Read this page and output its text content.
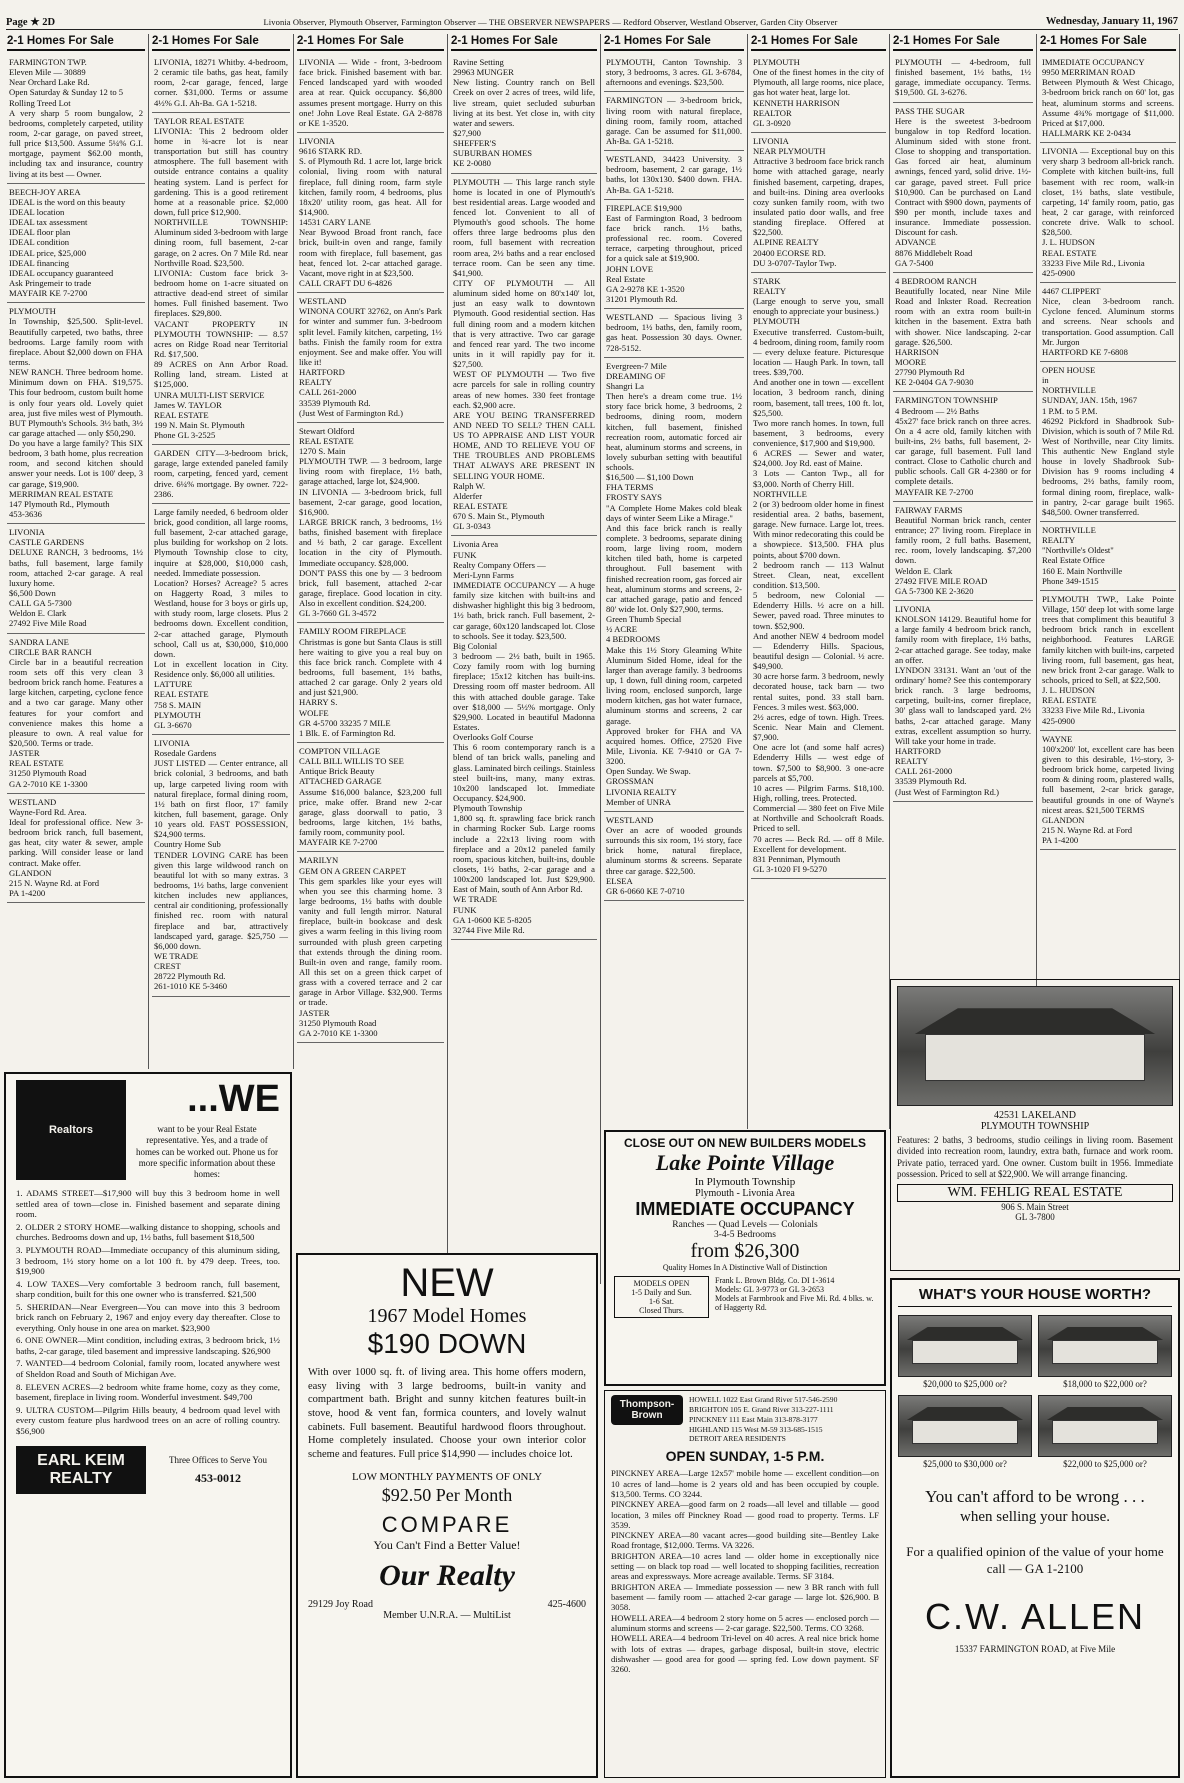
Page ★ 2D	Livonia Observer, Plymouth Observer, Farmington Observer — THE OBSERVER NEWSPAPERS — Redford Observer, Westland Observer, Garden City Observer	Wednesday, January 11, 1967
2-1 Homes For Sale
FARMINGTON TWP.
Eleven Mile — 30889
Near Orchard Lake Rd.
Open Saturday & Sunday 12 to 5
Rolling Treed Lot
A very sharp 5 room bungalow, 2 bedrooms, completely carpeted, utility room, 2-car garage, on paved street, full price $13,500. Assume 5¼% G.I. mortgage, payment $62.00 month, including tax and insurance, country living at its best — Owner.
BEECH-JOY AREA
IDEAL is the word on this beauty
IDEAL location
IDEAL tax assessment
IDEAL floor plan
IDEAL condition
IDEAL price, $25,000
IDEAL financing
IDEAL occupancy guaranteed
Ask Pringemeir to trade
MAYFAIR KE 7-2700
PLYMOUTH
In Township, $25,500. Split-level. Beautifully carpeted, two baths, three bedrooms. Large family room with fireplace. About $2,000 down on FHA terms.
NEW RANCH. Three bedroom home. Minimum down on FHA. $19,575. This four bedroom, custom built home is only four years old. Lovely quiet area, just five miles west of Plymouth. BUT Plymouth's Schools. 3½ bath, 3½ car garage attached — only $50,290.
Do you have a large family? This SIX bedroom, 3 bath home, plus recreation room, and second kitchen should answer your needs. Lot is 100' deep, 3 car garage, $19,900.
MERRIMAN REAL ESTATE
147 Plymouth Rd., Plymouth
453-3636
LIVONIA
CASTLE GARDENS
DELUXE RANCH, 3 bedrooms, 1½ baths, full basement, large family room, attached 2-car garage. A real luxury home.
$6,500 Down
CALL GA 5-7300
Weldon E. Clark
27492 Five Mile Road
SANDRA LANE
CIRCLE BAR RANCH
Circle bar in a beautiful recreation room sets off this very clean 3 bedroom brick ranch home. Features a large kitchen, carpeting, cyclone fence and a two car garage. Many other features for your comfort and convenience makes this home a pleasure to own. A real value for $20,500. Terms or trade.
JASTER
REAL ESTATE
31250 Plymouth Road
GA 2-7010 KE 1-3300
WESTLAND
Wayne-Ford Rd. Area.
Ideal for professional office. New 3-bedroom brick ranch, full basement, gas heat, city water & sewer, ample parking. Will consider lease or land contract. Make offer.
GLANDON
215 N. Wayne Rd. at Ford
PA 1-4200
2-1 Homes For Sale
LIVONIA, 18271 Whitby. 4-bedroom, 2 ceramic tile baths, gas heat, family room, 2-car garage, fenced, large corner. $31,000. Terms or assume 4½% G.I. Ah-Ba. GA 1-5218.
TAYLOR REAL ESTATE
LIVONIA: This 2 bedroom older home in ¾-acre lot is near transportation but still has country atmosphere. The full basement with outside entrance contains a quality heating system. Land is perfect for gardening. This is a good retirement home at a reasonable price. $2,000 down, full price $12,900.
NORTHVILLE TOWNSHIP: Aluminum sided 3-bedroom with large dining room, full basement, 2-car garage, on 2 acres. On 7 Mile Rd. near Northville Road. $23,500.
LIVONIA: Custom face brick 3-bedroom home on 1-acre situated on attractive dead-end street of similar homes. Full finished basement. Two fireplaces. $29,800.
VACANT PROPERTY IN PLYMOUTH TOWNSHIP: — 8.57 acres on Ridge Road near Territorial Rd. $17,500.
89 ACRES on Ann Arbor Road. Rolling land, stream. Listed at $125,000.
UNRA MULTI-LIST SERVICE
James W. TAYLOR
REAL ESTATE
199 N. Main St. Plymouth
Phone GL 3-2525
GARDEN CITY—3-bedroom brick, garage, large extended paneled family room, carpeting, fenced yard, cement drive. 6¼% mortgage. By owner. 722-2386.
Large family needed, 6 bedroom older brick, good condition, all large rooms, full basement, 2-car attached garage, plus building for workshop on 2 lots. Plymouth Township close to city, inquire at $28,000, $10,000 cash, needed. Immediate possession.
Location? Horses? Acreage? 5 acres on Haggerty Road, 3 miles to Westland, house for 3 boys or girls up, with study room, large closets. Plus 2 bedrooms down. Excellent condition, 2-car attached garage, Plymouth school, Call us at, $30,000, $10,000 down.
Lot in excellent location in City. Residence only. $6,000 all utilities.
LATTURE
REAL ESTATE
758 S. MAIN
PLYMOUTH
GL 3-6670
LIVONIA
Rosedale Gardens
JUST LISTED — Center entrance, all brick colonial, 3 bedrooms, and bath up, large carpeted living room with natural fireplace, formal dining room, 1½ bath on first floor, 17' family kitchen, full basement, garage. Only 10 years old. FAST POSSESSION, $24,900 terms.
Country Home Sub
TENDER LOVING CARE has been given this large wildwood ranch on beautiful lot with so many extras. 3 bedrooms, 1½ baths, large convenient kitchen includes new appliances, central air conditioning, professionally finished rec. room with natural fireplace and bar, attractively landscaped yard, garage. $25,750 — $6,000 down.
WE TRADE
CREST
28722 Plymouth Rd.
261-1010 KE 5-3460
2-1 Homes For Sale
LIVONIA — Wide - front, 3-bedroom face brick. Finished basement with bar. Fenced landscaped yard with wooded area at rear. Quick occupancy. $6,800 assumes present mortgage. Hurry on this one! John Love Real Estate. GA 2-8878 or KE 1-3520.
LIVONIA
9616 STARK RD.
S. of Plymouth Rd. 1 acre lot, large brick colonial, living room with natural fireplace, full dining room, farm style kitchen, family room, 4 bedrooms, plus 18x20' utility room, gas heat. All for $14,900.
14531 CARY LANE
Near Bywood Broad front ranch, face brick, built-in oven and range, family room with fireplace, full basement, gas heat, fenced lot. 2-car attached garage. Vacant, move right in at $23,500.
CALL CRAFT DU 6-4826
WESTLAND
WINONA COURT 32762, on Ann's Park for winter and summer fun. 3-bedroom split level. Family kitchen, carpeting, 1½ baths. Finish the family room for extra enjoyment. See and make offer. You will like it!
HARTFORD
REALTY
CALL 261-2000
33539 Plymouth Rd.
(Just West of Farmington Rd.)
Stewart Oldford
REAL ESTATE
1270 S. Main
PLYMOUTH TWP. — 3 bedroom, large living room with fireplace, 1½ bath, garage attached, large lot, $24,900.
IN LIVONIA — 3-bedroom brick, full basement, 2-car garage, good location, $16,900.
LARGE BRICK ranch, 3 bedrooms, 1½ baths, finished basement with fireplace and ½ bath, 2 car garage. Excellent location in the city of Plymouth. Immediate occupancy. $28,000.
DON'T PASS this one by — 3 bedroom brick, full basement, attached 2-car garage, fireplace. Good location in city. Also in excellent condition. $24,200.
GL 3-7660 GL 3-4572
FAMILY ROOM FIREPLACE
Christmas is gone but Santa Claus is still here waiting to give you a real buy on this face brick ranch. Complete with 4 bedrooms, full basement, 1½ baths, attached 2 car garage. Only 2 years old and just $21,900.
HARRY S.
WOLFE
GR 4-5700 33235 7 MILE
1 Blk. E. of Farmington Rd.
COMPTON VILLAGE
CALL BILL WILLIS TO SEE
Antique Brick Beauty
ATTACHED GARAGE
Assume $16,000 balance, $23,200 full price, make offer. Brand new 2-car garage, glass doorwall to patio, 3 bedrooms, large kitchen, 1½ baths, family room, community pool.
MAYFAIR KE 7-2700
MARILYN
GEM ON A GREEN CARPET
This gem sparkles like your eyes will when you see this charming home. 3 large bedrooms, 1½ baths with double vanity and full length mirror. Natural fireplace, built-in bookcase and desk gives a warm feeling in this living room surrounded with plush green carpeting that extends through the dining room. Built-in oven and range, family room. All this set on a green thick carpet of grass with a covered terrace and 2 car garage in Arbor Village. $32,900. Terms or trade.
JASTER
31250 Plymouth Road
GA 2-7010 KE 1-3300
2-1 Homes For Sale
Ravine Setting
29963 MUNGER
New listing. Country ranch on Bell Creek on over 2 acres of trees, wild life, live stream, quiet secluded suburban living at its best. Yet close in, with city water and sewers.
$27,900
SHEFFER'S
SUBURBAN HOMES
KE 2-0080
PLYMOUTH — This large ranch style home is located in one of Plymouth's best residential areas. Large wooded and fenced lot. Convenient to all of Plymouth's good schools. The home offers three large bedrooms plus den room, full basement with recreation room area, 2½ baths and a rear enclosed terrace room. Can be seen any time. $41,900.
CITY OF PLYMOUTH — All aluminum sided home on 80'x140' lot, just an easy walk to downtown Plymouth. Good residential section. Has full dining room and a modern kitchen that is very attractive. Two car garage and fenced rear yard. The two income units in it will rapidly pay for it. $27,500.
WEST OF PLYMOUTH — Two five acre parcels for sale in rolling country areas of new homes. 330 feet frontage each. $2,900 acre.
ARE YOU BEING TRANSFERRED AND NEED TO SELL? THEN CALL US TO APPRAISE AND LIST YOUR HOME, AND TO RELIEVE YOU OF THE TROUBLES AND PROBLEMS THAT ALWAYS ARE PRESENT IN SELLING YOUR HOME.
Ralph W.
Alderfer
REAL ESTATE
670 S. Main St., Plymouth
GL 3-0343
Livonia Area
FUNK
Realty Company Offers —
Meri-Lynn Farms
IMMEDIATE OCCUPANCY — A huge family size kitchen with built-ins and dishwasher highlight this big 3 bedroom, 1½ bath, brick ranch. Full basement, 2-car garage, 60x120 landscaped lot. Close to schools. See it today. $23,500.
Big Colonial
3 bedroom — 2½ bath, built in 1965. Cozy family room with log burning fireplace; 15x12 kitchen has built-ins. Dressing room off master bedroom. All this with attached double garage. Take over $18,000 — 5½% mortgage. Only $29,900. Located in beautiful Madonna Estates.
Overlooks Golf Course
This 6 room contemporary ranch is a blend of tan brick walls, paneling and glass. Laminated birch ceilings. Stainless steel built-ins, many, many extras. 10x200 landscaped lot. Immediate Occupancy. $24,900.
Plymouth Township
1,800 sq. ft. sprawling face brick ranch in charming Rocker Sub. Large rooms include a 22x13 living room with fireplace and a 20x12 paneled family room, spacious kitchen, built-ins, double closets, 1½ baths, 2-car garage and a 100x200 landscaped lot. Just $29,900. East of Main, south of Ann Arbor Rd.
WE TRADE
FUNK
GA 1-0600 KE 5-8205
32744 Five Mile Rd.
2-1 Homes For Sale
PLYMOUTH, Canton Township. 3 story, 3 bedrooms, 3 acres. GL 3-6784, afternoons and evenings. $23,500.
FARMINGTON — 3-bedroom brick, living room with natural fireplace, dining room, family room, attached garage. Can be assumed for $11,000. Ah-Ba. GA 1-5218.
WESTLAND, 34423 University. 3 bedroom, basement, 2 car garage, 1½ baths, lot 130x130. $400 down. FHA. Ah-Ba. GA 1-5218.
FIREPLACE $19,900
East of Farmington Road, 3 bedroom face brick ranch. 1½ baths, professional rec. room. Covered terrace, carpeting throughout, priced for a quick sale at $19,900.
JOHN LOVE
Real Estate
GA 2-9278 KE 1-3520
31201 Plymouth Rd.
WESTLAND — Spacious living 3 bedroom, 1½ baths, den, family room, gas heat. Possession 30 days. Owner. 728-5152.
Evergreen-7 Mile
DREAMING OF
Shangri La
Then here's a dream come true. 1½ story face brick home, 3 bedrooms, 2 bedrooms, dining room, modern kitchen, full basement, finished recreation room, automatic forced air heat, aluminum storms and screens, in lovely suburban setting with beautiful schools.
$16,500 — $1,100 Down
FHA TERMS
FROSTY SAYS
"A Complete Home Makes cold bleak days of winter Seem Like a Mirage."
And this face brick ranch is really complete. 3 bedrooms, separate dining room, large living room, modern kitchen tiled bath, home is carpeted throughout. Full basement with finished recreation room, gas forced air heat, aluminum storms and screens, 2-car attached garage, patio and fenced 80' wide lot. Only $27,900, terms.
Green Thumb Special
½ ACRE
4 BEDROOMS
Make this 1½ Story Gleaming White Aluminum Sided Home, ideal for the larger than average family. 3 bedrooms up, 1 down, full dining room, carpeted living room, enclosed sunporch, large modern kitchen, gas hot water furnace, aluminum storms and screens, 2 car garage.
Approved broker for FHA and VA acquired homes. Office, 27520 Five Mile, Livonia. KE 7-9410 or GA 7-3200.
Open Sunday. We Swap.
GROSSMAN
LIVONIA REALTY
Member of UNRA
WESTLAND
Over an acre of wooded grounds surrounds this six room, 1½ story, face brick home, natural fireplace, aluminum storms & screens. Separate three car garage. $22,500.
ELSEA
GR 6-0660 KE 7-0710
2-1 Homes For Sale
PLYMOUTH
One of the finest homes in the city of Plymouth, all large rooms, nice place, gas hot water heat, large lot.
KENNETH HARRISON
REALTOR
GL 3-0920
LIVONIA
NEAR PLYMOUTH
Attractive 3 bedroom face brick ranch home with attached garage, nearly finished basement, carpeting, drapes, and built-ins. Dining area overlooks cozy sunken family room, with two insulated patio door walls, and free standing fireplace. Offered at $22,500.
ALPINE REALTY
20400 ECORSE RD.
DU 3-0707-Taylor Twp.
STARK
REALTY
(Large enough to serve you, small enough to appreciate your business.)
PLYMOUTH
Executive transferred. Custom-built, 4 bedroom, dining room, family room — every deluxe feature. Picturesque location — Haugh Park. In town, tall trees. $39,700.
And another one in town — excellent location, 3 bedroom ranch, dining room, basement, tall trees, 100 ft. lot, $25,500.
Two more ranch homes. In town, full basement, 3 bedrooms, every convenience, $17,900 and $19,900.
6 ACRES — Sewer and water, $24,000. Joy Rd. east of Maine.
3 Lots — Canton Twp., all for $3,000. North of Cherry Hill.
NORTHVILLE
2 (or 3) bedroom older home in finest residential area. 2 baths, basement, garage. New furnace. Large lot, trees. With minor redecorating this could be a showpiece. $13,500. FHA plus points, about $700 down.
2 bedroom ranch — 113 Walnut Street. Clean, neat, excellent condition. $13,500.
5 bedroom, new Colonial — Edenderry Hills. ½ acre on a hill. Sewer, paved road. Three minutes to town. $52,900.
And another NEW 4 bedroom model — Edenderry Hills. Spacious, beautiful design — Colonial. ½ acre. $49,900.
30 acre horse farm. 3 bedroom, newly decorated house, tack barn — two rental suites, pond. 33 stall barn. Fences. 3 miles west. $63,000.
2½ acres, edge of town. High. Trees. Scenic. Near Main and Clement. $7,900.
One acre lot (and some half acres) Edenderry Hills — west edge of town. $7,500 to $8,900. 3 one-acre parcels at $5,700.
10 acres — Pilgrim Farms. $18,100. High, rolling, trees. Protected.
Commercial — 380 feet on Five Mile at Northville and Schoolcraft Roads. Priced to sell.
70 acres — Beck Rd. — off 8 Mile. Excellent for development.
831 Penniman, Plymouth
GL 3-1020 FI 9-5270
2-1 Homes For Sale
PLYMOUTH — 4-bedroom, full finished basement, 1½ baths, 1½ garage, immediate occupancy. Terms. $19,500. GL 3-6276.
PASS THE SUGAR
Here is the sweetest 3-bedroom bungalow in top Redford location. Aluminum sided with stone front. Close to shopping and transportation. Gas forced air heat, aluminum awnings, fenced yard, solid drive. 1½-car garage, paved street. Full price $10,900. Can be purchased on Land Contract with $900 down, payments of $90 per month, include taxes and insurance. Immediate possession. Discount for cash.
ADVANCE
8876 Middlebelt Road
GA 7-5400
4 BEDROOM RANCH
Beautifully located, near Nine Mile Road and Inkster Road. Recreation room with an extra room built-in kitchen in the basement. Extra bath with shower. Nice landscaping. 2-car garage. $26,500.
HARRISON
MOORE
27790 Plymouth Rd
KE 2-0404 GA 7-9030
FARMINGTON TOWNSHIP
4 Bedroom — 2½ Baths
45x27' face brick ranch on three acres. On a 4 acre old, family kitchen with built-ins, 2½ baths, full basement, 2-car garage, full basement. Full land contract. Close to Catholic church and public schools. Call GR 4-2380 or for complete details.
MAYFAIR KE 7-2700
FAIRWAY FARMS
Beautiful Norman brick ranch, center entrance; 27' living room. Fireplace in family room, 2 full baths. Basement, rec. room, lovely landscaping. $7,200 down.
Weldon E. Clark
27492 FIVE MILE ROAD
GA 5-7300 KE 2-3620
LIVONIA
KNOLSON 14129. Beautiful home for a large family 4 bedroom brick ranch, family room with fireplace, 1½ baths, 2-car attached garage. See today, make an offer.
LYNDON 33131. Want an 'out of the ordinary' home? See this contemporary brick ranch. 3 large bedrooms, carpeting, built-ins, corner fireplace, 30' glass wall to landscaped yard. 2½ baths, 2-car attached garage. Many extras, excellent assumption so hurry. Will take your home in trade.
HARTFORD
REALTY
CALL 261-2000
33539 Plymouth Rd.
(Just West of Farmington Rd.)
2-1 Homes For Sale
IMMEDIATE OCCUPANCY
9950 MERRIMAN ROAD
Between Plymouth & West Chicago, 3-bedroom brick ranch on 60' lot, gas heat, aluminum storms and screens. Assume 4¾% mortgage of $11,000. Priced at $17,000.
HALLMARK KE 2-0434
LIVONIA — Exceptional buy on this very sharp 3 bedroom all-brick ranch. Complete with kitchen built-ins, full basement with rec room, walk-in closet, 1½ baths, slate vestibule, carpeting, 14' family room, patio, gas heat, 2 car garage, with reinforced concrete drive. Walk to school. $28,500.
J. L. HUDSON
REAL ESTATE
33233 Five Mile Rd., Livonia
425-0900
4467 CLIPPERT
Nice, clean 3-bedroom ranch. Cyclone fenced. Aluminum storms and screens. Near schools and transportation. Good assumption. Call Mr. Jurgon
HARTFORD KE 7-6808
OPEN HOUSE
in
NORTHVILLE
SUNDAY, JAN. 15th, 1967
1 P.M. to 5 P.M.
46292 Pickford in Shadbrook Sub-Division, which is south of 7 Mile Rd. West of Northville, near City limits. This authentic New England style house in lovely Shadbrook Sub-Division has 9 rooms including 4 bedrooms, 2½ baths, family room, formal dining room, fireplace, walk-in pantry, 2-car garage built 1965. $48,500. Owner transferred.
NORTHVILLE
REALTY
"Northville's Oldest"
Real Estate Office
160 E. Main Northville
Phone 349-1515
PLYMOUTH TWP., Lake Pointe Village, 150' deep lot with some large trees that compliment this beautiful 3 bedroom brick ranch in excellent neighborhood. Features LARGE family kitchen with built-ins, carpeted living room, full basement, gas heat, new brick front 2-car garage. Walk to schools, priced to Sell, at $22,500.
J. L. HUDSON
REAL ESTATE
33233 Five Mile Rd., Livonia
425-0900
WAYNE
100'x200' lot, excellent care has been given to this desirable, 1½-story, 3-bedroom brick home, carpeted living room & dining room, plastered walls, full basement, 2-car brick garage, beautiful grounds in one of Wayne's nicest areas. $21,500 TERMS
GLANDON
215 N. Wayne Rd. at Ford
PA 1-4200
Realtors
...WE
want to be your Real Estate representative. Yes, and a trade of homes can be worked out. Phone us for more specific information about these homes:
1. ADAMS STREET—$17,900 will buy this 3 bedroom home in well settled area of town—close in. Finished basement and separate dining room.
2. OLDER 2 STORY HOME—walking distance to shopping, schools and churches. Bedrooms down and up, 1½ baths, full basement $18,500
3. PLYMOUTH ROAD—Immediate occupancy of this aluminum siding, 3 bedroom, 1½ story home on a lot 100 ft. by 479 deep. Trees, too. $19,900
4. LOW TAXES—Very comfortable 3 bedroom ranch, full basement, sharp condition, built for this one owner who is transferred. $21,500
5. SHERIDAN—Near Evergreen—You can move into this 3 bedroom brick ranch on February 2, 1967 and enjoy every day thereafter. Close to everything. Only house in one area on market. $23,900
6. ONE OWNER—Mint condition, including extras, 3 bedroom brick, 1½ baths, 2-car garage, tiled basement and impressive landscaping. $26,900
7. WANTED—4 bedroom Colonial, family room, located anywhere west of Sheldon Road and South of Michigan Ave.
8. ELEVEN ACRES—2 bedroom white frame home, cozy as they come, basement, fireplace in living room. Wonderful investment. $49,700
9. ULTRA CUSTOM—Pilgrim Hills beauty, 4 bedroom quad level with every custom feature plus hardwood trees on an acre of rolling country. $56,900
EARL KEIM REALTY
Three Offices to Serve You
453-0012
NEW
1967 Model Homes
$190 DOWN
With over 1000 sq. ft. of living area. This home offers modern, easy living with 3 large bedrooms, built-in vanity and compartment bath. Bright and sunny kitchen features built-in stove, hood & vent fan, formica counters, and lovely walnut cabinets. Full basement. Beautiful hardwood floors throughout. Home completely insulated. Choose your own interior color scheme and features. Full price $14,990 — includes choice lot.
LOW MONTHLY PAYMENTS OF ONLY
$92.50 Per Month
COMPARE
You Can't Find a Better Value!
Our Realty
29129 Joy Road	425-4600
Member U.N.R.A. — MultiList
CLOSE OUT ON NEW BUILDERS MODELS
Lake Pointe Village
In Plymouth Township
Plymouth - Livonia Area
IMMEDIATE OCCUPANCY
Ranches — Quad Levels — Colonials
3-4-5 Bedrooms
from $26,300
Quality Homes In A Distinctive Wall of Distinction
MODELS OPEN
1-5 Daily and Sun.
1-6 Sat.
Closed Thurs.
Frank L. Brown Bldg. Co. DI 1-3614
Models: GL 3-9773 or GL 3-2653
Models at Farmbrook and Five Mi. Rd. 4 blks. w. of Haggerty Rd.
Thompson-Brown
HOWELL 1022 East Grand River 517-546-2590
BRIGHTON 105 E. Grand River 313-227-1111
PINCKNEY 111 East Main 313-878-3177
HIGHLAND 115 West M-59 313-685-1515
DETROIT AREA RESIDENTS
OPEN SUNDAY, 1-5 P.M.
PINCKNEY AREA—Large 12x57' mobile home — excellent condition—on 10 acres of land—home is 2 years old and has been occupied by couple. $13,500. Terms. CO 3244.
PINCKNEY AREA—good farm on 2 roads—all level and tillable — good location, 3 miles off Pinckney Road — good road to property. Terms. LF 3539.
PINCKNEY AREA—80 vacant acres—good building site—Bentley Lake Road frontage, $12,000. Terms. VA 3226.
BRIGHTON AREA—10 acres land — older home in exceptionally nice setting — on black top road — well located to shopping facilities, recreation areas and expressways. More acreage available. Terms. SF 3184.
BRIGHTON AREA — Immediate possession — new 3 BR ranch with full basement — family room — attached 2-car garage — large lot. $26,900. B 3058.
HOWELL AREA—4 bedroom 2 story home on 5 acres — enclosed porch — aluminum storms and screens — 2-car garage. $22,500. Terms. CO 3268.
HOWELL AREA—4 bedroom Tri-level on 40 acres. A real nice brick home with lots of extras — drapes, garbage disposal, built-in stove, electric dishwasher — good area for good — spring fed. Low down payment. SF 3260.
42531 LAKELAND
PLYMOUTH TOWNSHIP
Features: 2 baths, 3 bedrooms, studio ceilings in living room. Basement divided into recreation room, laundry, extra bath, furnace and work room. Private patio, terraced yard. One owner. Custom built in 1956. Immediate possession. Priced to sell at $22,900. We will arrange financing.
WM. FEHLIG REAL ESTATE
906 S. Main Street
GL 3-7800
WHAT'S YOUR HOUSE WORTH?
$20,000 to $25,000 or?	$18,000 to $22,000 or?
$25,000 to $30,000 or?	$22,000 to $25,000 or?
You can't afford to be wrong . . .
when selling your house.
For a qualified opinion of the value of your home call — GA 1-2100
C.W. ALLEN
15337 FARMINGTON ROAD, at Five Mile
